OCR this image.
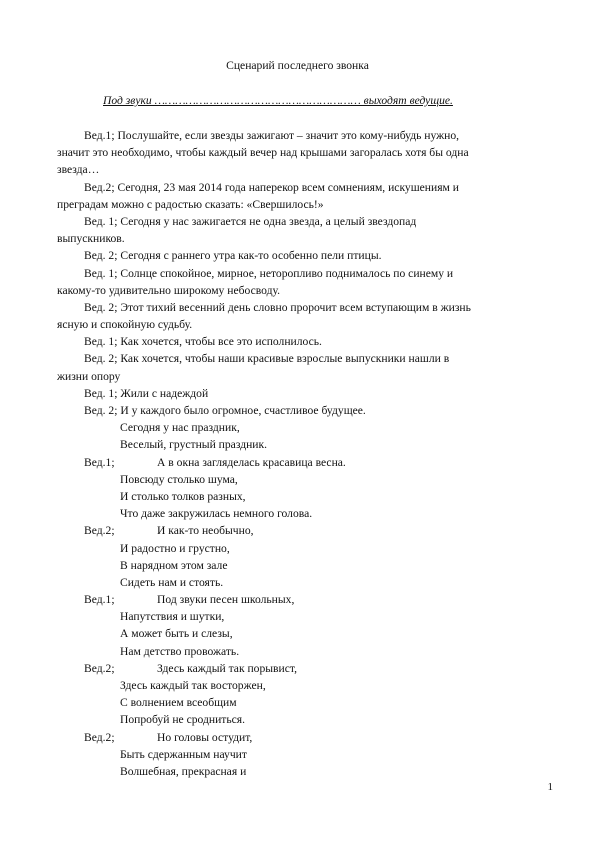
Сценарий последнего звонка
Под звуки …………………………………………………… выходят ведущие.
Вед.1; Послушайте, если звезды зажигают – значит это кому-нибудь нужно,
значит это необходимо, чтобы каждый вечер над крышами загоралась хотя бы одна
звезда…
Вед.2; Сегодня, 23 мая 2014 года наперекор всем сомнениям, искушениям и
преградам можно с радостью сказать: «Свершилось!»
Вед. 1; Сегодня у нас зажигается не одна звезда, а целый звездопад
выпускников.
Вед. 2; Сегодня с раннего утра как-то особенно пели птицы.
Вед. 1; Солнце спокойное, мирное, неторопливо поднималось по синему и
какому-то удивительно широкому небосводу.
Вед. 2; Этот тихий весенний день словно пророчит всем вступающим в жизнь
ясную и спокойную судьбу.
Вед. 1; Как хочется, чтобы все это исполнилось.
Вед. 2; Как хочется, чтобы наши красивые взрослые выпускники нашли в
жизни опору
Вед. 1; Жили с надеждой
Вед. 2; И у каждого было огромное, счастливое будущее.
Сегодня у нас праздник,
Веселый, грустный праздник.
Вед.1;	А в окна загляделась красавица весна.
Повсюду столько шума,
И столько толков разных,
Что даже закружилась немного голова.
Вед.2;	И как-то необычно,
И радостно и грустно,
В нарядном этом зале
Сидеть нам и стоять.
Вед.1;	Под звуки песен школьных,
Напутствия и шутки,
А может быть и слезы,
Нам детство провожать.
Вед.2;	Здесь каждый так порывист,
Здесь каждый так восторжен,
С волнением всеобщим
Попробуй не сродниться.
Вед.2;	Но головы остудит,
Быть сдержанным научит
Волшебная, прекрасная и
1
